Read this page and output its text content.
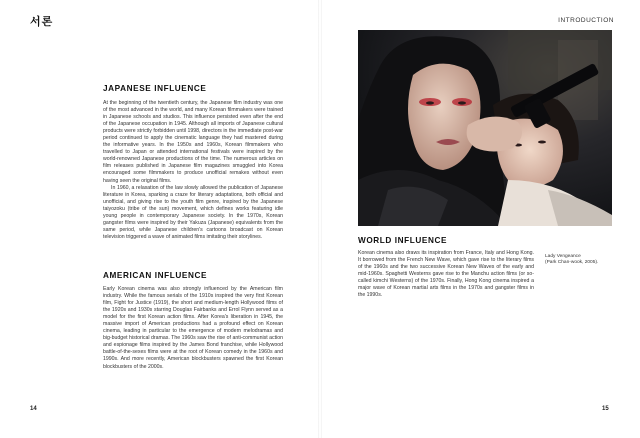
서론	INTRODUCTION
JAPANESE INFLUENCE

At the beginning of the twentieth century, the Japanese film industry was one of the most advanced in the world, and many Korean filmmakers were trained in Japanese schools and studios. This influence persisted even after the end of the Japanese occupation in 1945. Although all imports of Japanese cultural products were strictly forbidden until 1998, directors in the immediate post-war period continued to apply the cinematic language they had mastered during the informative years. In the 1950s and 1960s, Korean filmmakers who travelled to Japan or attended international festivals were inspired by the world-renowned Japanese productions of the time. The numerous articles on film releases published in Japanese film magazines smuggled into Korea encouraged some filmmakers to produce unofficial remakes without even having seen the original films.

In 1960, a relaxation of the law slowly allowed the publication of Japanese literature in Korea, sparking a craze for literary adaptations, both official and unofficial, and giving rise to the youth film genre, inspired by the Japanese taiyozoku (tribe of the sun) movement, which defines works featuring idle young people in contemporary Japanese society. In the 1970s, Korean gangster films were inspired by their Yakuza (Japanese) equivalents from the same period, while Japanese children's cartoons broadcast on Korean television triggered a wave of animated films imitating their storylines.

AMERICAN INFLUENCE

Early Korean cinema was also strongly influenced by the American film industry. While the famous serials of the 1910s inspired the very first Korean film, Fight for Justice (1919), the short and medium-length Hollywood films of the 1920s and 1930s starring Douglas Fairbanks and Errol Flynn served as a model for the first Korean action films. After Korea's liberation in 1945, the massive import of American productions had a profound effect on Korean cinema, leading in particular to the emergence of modern melodramas and big-budget historical dramas. The 1960s saw the rise of anti-communist action and espionage films inspired by the James Bond franchise, while Hollywood battle-of-the-sexes films were at the root of Korean comedy in the 1960s and 1990s. And more recently, American blockbusters spawned the first Korean blockbusters of the 2000s.

WORLD INFLUENCE

Korean cinema also draws its inspiration from France, Italy and Hong Kong. It borrowed from the French New Wave, which gave rise to the literary films of the 1960s and the two successive Korean New Waves of the early and mid-1960s. Spaghetti Westerns gave rise to the Manchu action films (or so-called kimchi Westerns) of the 1970s. Finally, Hong Kong cinema inspired a major wave of Korean martial arts films in the 1970s and gangster films in the 1990s.

Lady Vengeance
(Park Chan-wook, 2005).
14	15
